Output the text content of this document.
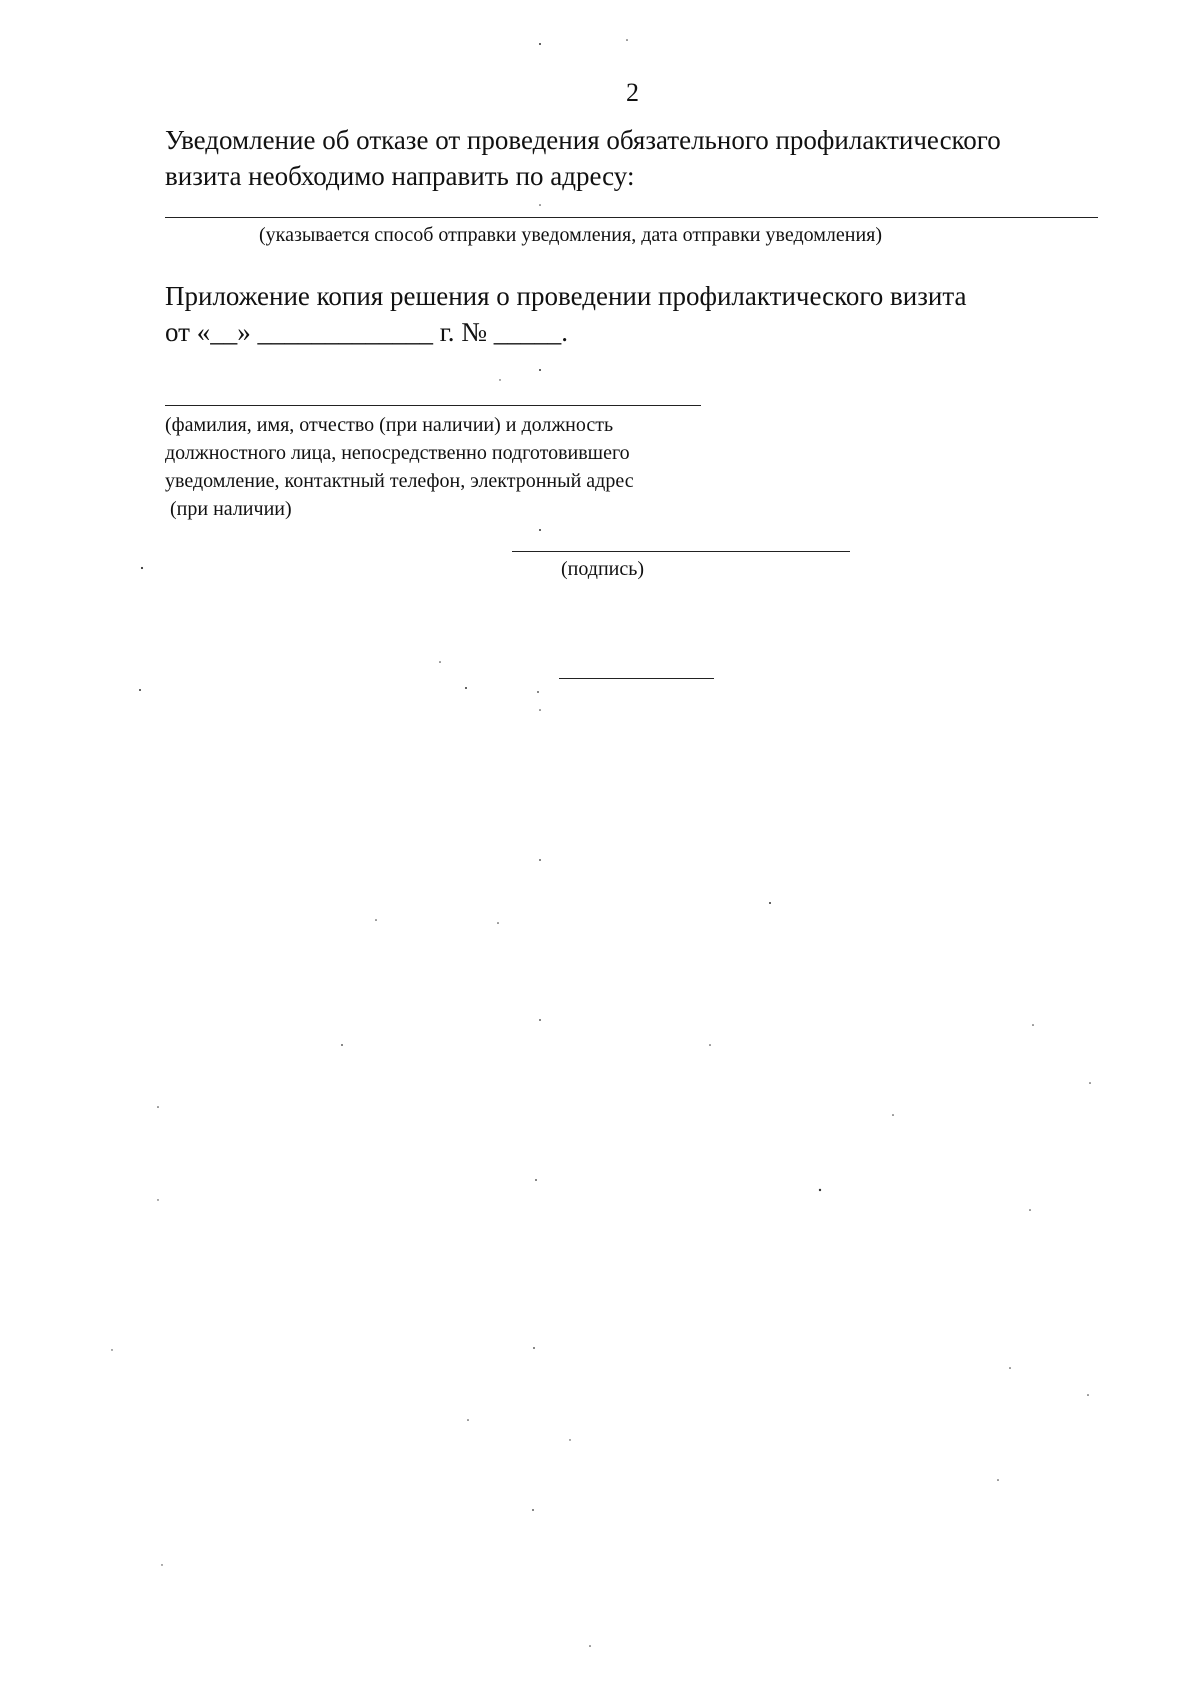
2
Уведомление об отказе от проведения обязательного профилактического
визита необходимо направить по адресу:
(указывается способ отправки уведомления, дата отправки уведомления)
Приложение копия решения о проведении профилактического визита
от «__» _____________ г. № _____.
(фамилия, имя, отчество (при наличии) и должность
должностного лица, непосредственно подготовившего
уведомление, контактный телефон, электронный адрес
(при наличии)
(подпись)
